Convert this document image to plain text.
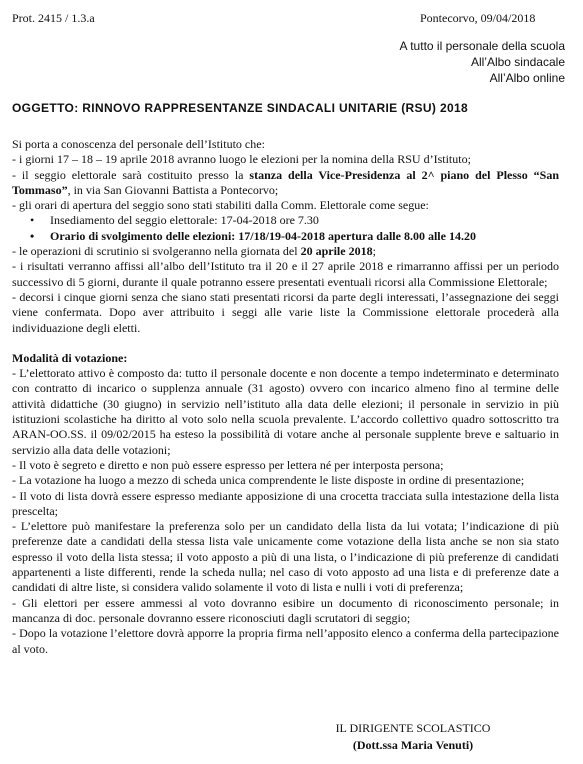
Prot. 2415 / 1.3.a	Pontecorvo, 09/04/2018
A tutto il personale della scuola
All’Albo sindacale
All’Albo online
OGGETTO: RINNOVO RAPPRESENTANZE SINDACALI UNITARIE (RSU) 2018
Si porta a conoscenza del personale dell’Istituto che:
- i giorni 17 – 18 – 19 aprile 2018 avranno luogo le elezioni per la nomina della RSU d’Istituto;
- il seggio elettorale sarà costituito presso la stanza della Vice-Presidenza al 2^ piano del Plesso “San Tommaso”, in via San Giovanni Battista a Pontecorvo;
- gli orari di apertura del seggio sono stati stabiliti dalla Comm. Elettorale come segue:
• Insediamento del seggio elettorale: 17-04-2018 ore 7.30
• Orario di svolgimento delle elezioni: 17/18/19-04-2018 apertura dalle 8.00 alle 14.20
- le operazioni di scrutinio si svolgeranno nella giornata del 20 aprile 2018;
- i risultati verranno affissi all’albo dell’Istituto tra il 20 e il 27 aprile 2018 e rimarranno affissi per un periodo successivo di 5 giorni, durante il quale potranno essere presentati eventuali ricorsi alla Commissione Elettorale;
- decorsi i cinque giorni senza che siano stati presentati ricorsi da parte degli interessati, l’assegnazione dei seggi viene confermata. Dopo aver attribuito i seggi alle varie liste la Commissione elettorale procederà alla individuazione degli eletti.
Modalità di votazione:
- L’elettorato attivo è composto da: tutto il personale docente e non docente a tempo indeterminato e determinato con contratto di incarico o supplenza annuale (31 agosto) ovvero con incarico almeno fino al termine delle attività didattiche (30 giugno) in servizio nell’istituto alla data delle elezioni; il personale in servizio in più istituzioni scolastiche ha diritto al voto solo nella scuola prevalente. L’accordo collettivo quadro sottoscritto tra ARAN-OO.SS. il 09/02/2015 ha esteso la possibilità di votare anche al personale supplente breve e saltuario in servizio alla data delle votazioni;
- Il voto è segreto e diretto e non può essere espresso per lettera né per interposta persona;
- La votazione ha luogo a mezzo di scheda unica comprendente le liste disposte in ordine di presentazione;
- Il voto di lista dovrà essere espresso mediante apposizione di una crocetta tracciata sulla intestazione della lista prescelta;
- L’elettore può manifestare la preferenza solo per un candidato della lista da lui votata; l’indicazione di più preferenze date a candidati della stessa lista vale unicamente come votazione della lista anche se non sia stato espresso il voto della lista stessa; il voto apposto a più di una lista, o l’indicazione di più preferenze di candidati appartenenti a liste differenti, rende la scheda nulla; nel caso di voto apposto ad una lista e di preferenze date a candidati di altre liste, si considera valido solamente il voto di lista e nulli i voti di preferenza;
- Gli elettori per essere ammessi al voto dovranno esibire un documento di riconoscimento personale; in mancanza di doc. personale dovranno essere riconosciuti dagli scrutatori di seggio;
- Dopo la votazione l’elettore dovrà apporre la propria firma nell’apposito elenco a conferma della partecipazione al voto.
IL DIRIGENTE SCOLASTICO
(Dott.ssa Maria Venuti)
